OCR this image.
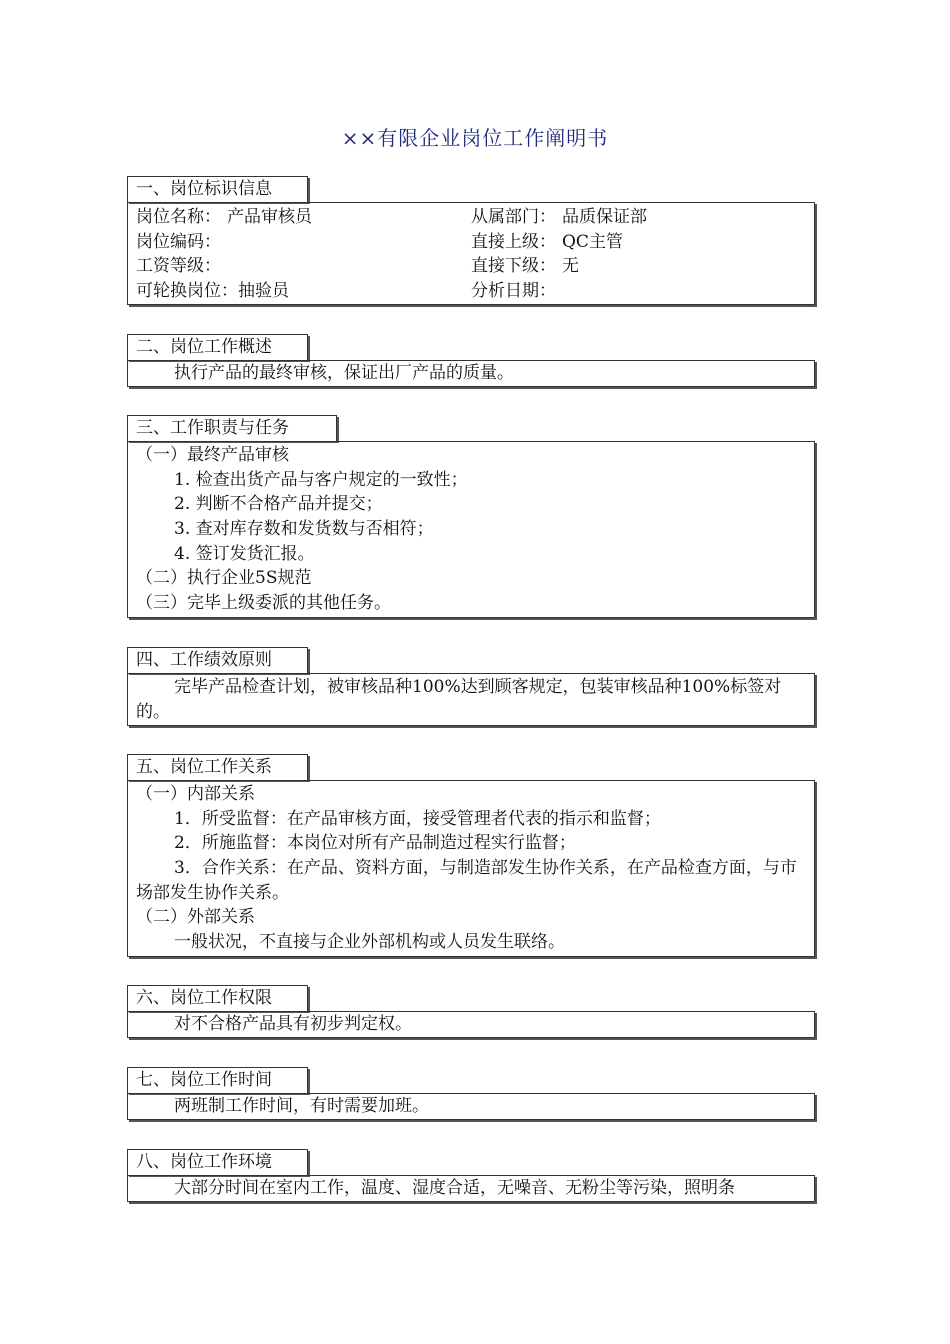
××有限企业岗位工作阐明书
一、岗位标识信息
岗位名称： 产品审核员	从属部门： 品质保证部
岗位编码：	直接上级： QC主管
工资等级：	直接下级： 无
可轮换岗位：抽验员	分析日期：
二、岗位工作概述
执行产品的最终审核，保证出厂产品的质量。
三、工作职责与任务
（一）最终产品审核
1. 检查出货产品与客户规定的一致性；
2. 判断不合格产品并提交；
3. 查对库存数和发货数与否相符；
4. 签订发货汇报。
（二）执行企业5S规范
（三）完毕上级委派的其他任务。
四、工作绩效原则
完毕产品检查计划，被审核品种100%达到顾客规定，包装审核品种100%标签对的。
五、岗位工作关系
（一）内部关系
1．所受监督：在产品审核方面，接受管理者代表的指示和监督；
2．所施监督：本岗位对所有产品制造过程实行监督；
3．合作关系：在产品、资料方面，与制造部发生协作关系，在产品检查方面，与市场部发生协作关系。
（二）外部关系
一般状况，不直接与企业外部机构或人员发生联络。
六、岗位工作权限
对不合格产品具有初步判定权。
七、岗位工作时间
两班制工作时间，有时需要加班。
八、岗位工作环境
大部分时间在室内工作，温度、湿度合适，无噪音、无粉尘等污染，照明条
